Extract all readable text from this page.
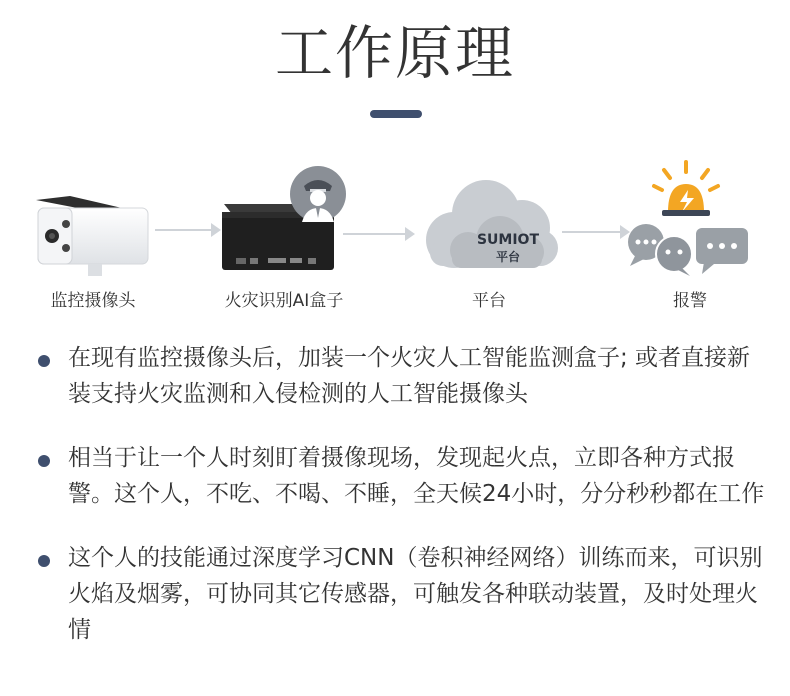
工作原理
监控摄像头	火灾识别AI盒子
SUMIOT
平台
平台	报警
在现有监控摄像头后，加装一个火灾人工智能监测盒子; 或者直接新装支持火灾监测和入侵检测的人工智能摄像头
相当于让一个人时刻盯着摄像现场，发现起火点，立即各种方式报警。这个人，不吃、不喝、不睡，全天候24小时，分分秒秒都在工作
这个人的技能通过深度学习CNN（卷积神经网络）训练而来，可识别火焰及烟雾，可协同其它传感器，可触发各种联动装置，及时处理火情
